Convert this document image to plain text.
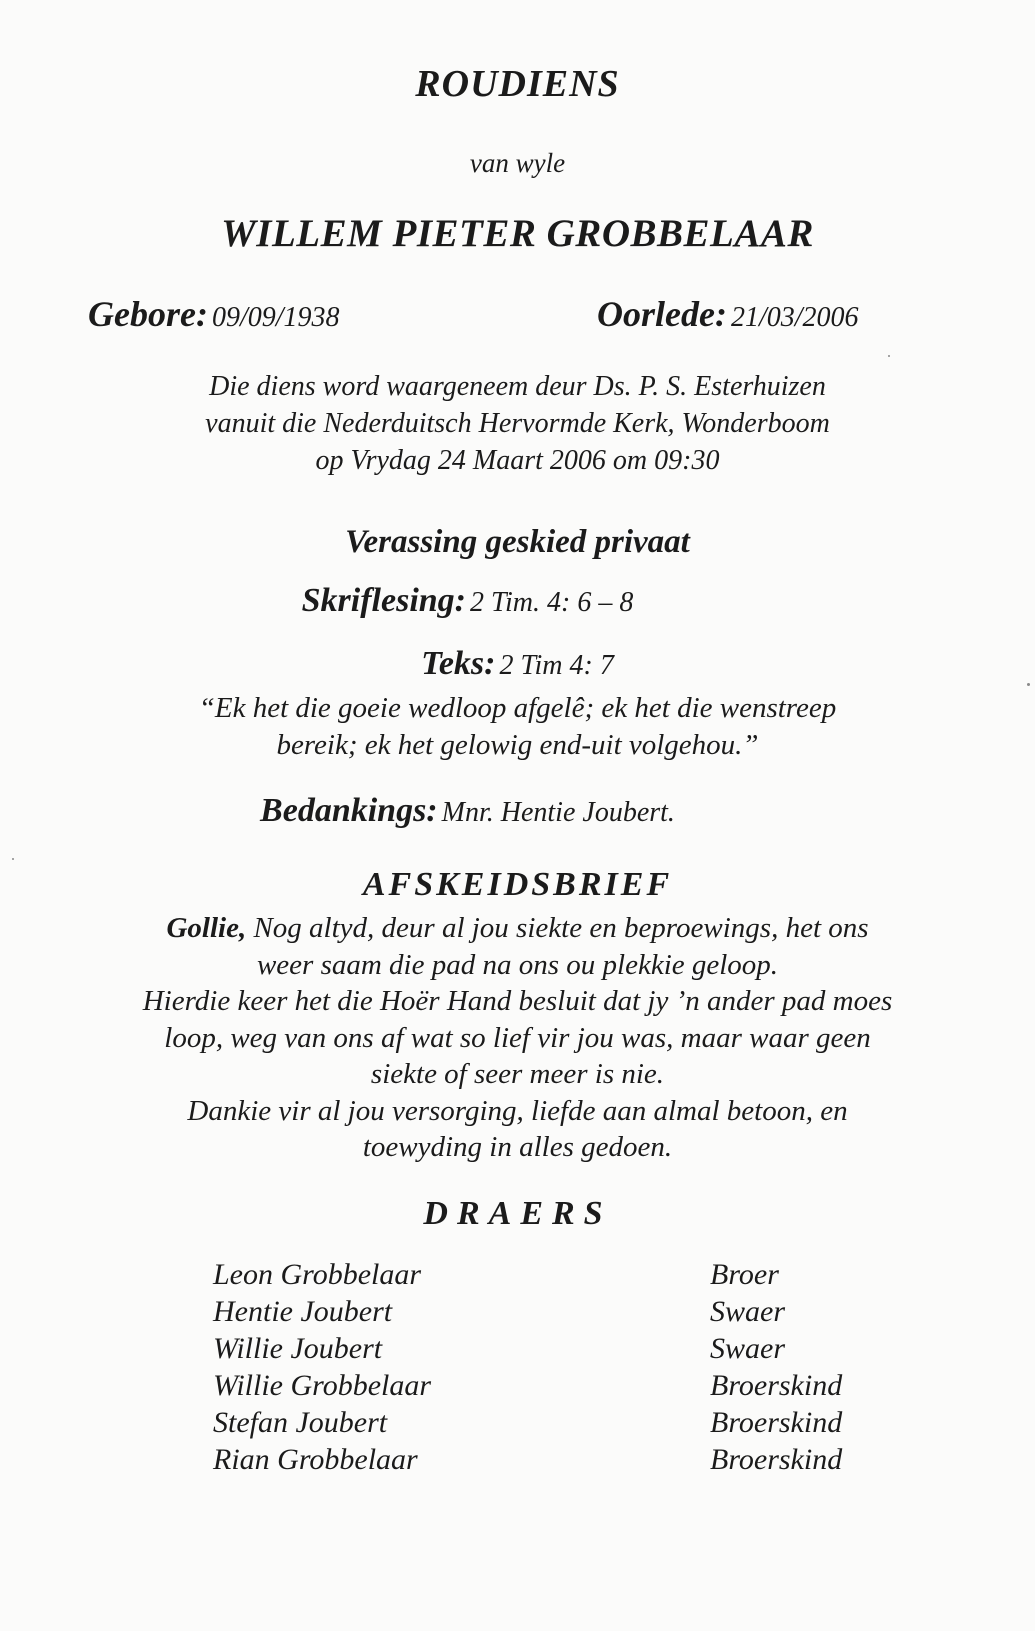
ROUDIENS
van wyle
WILLEM PIETER GROBBELAAR
Gebore: 09/09/1938	Oorlede: 21/03/2006
Die diens word waargeneem deur Ds. P. S. Esterhuizen
vanuit die Nederduitsch Hervormde Kerk, Wonderboom
op Vrydag 24 Maart 2006 om 09:30
Verassing geskied privaat
Skriflesing: 2 Tim. 4: 6 – 8
Teks: 2 Tim 4: 7
“Ek het die goeie wedloop afgelê; ek het die wenstreep
bereik; ek het gelowig end-uit volgehou.”
Bedankings: Mnr. Hentie Joubert.
AFSKEIDSBRIEF
Gollie, Nog altyd, deur al jou siekte en beproewings, het ons
weer saam die pad na ons ou plekkie geloop.
Hierdie keer het die Hoër Hand besluit dat jy ’n ander pad moes
loop, weg van ons af wat so lief vir jou was, maar waar geen
siekte of seer meer is nie.
Dankie vir al jou versorging, liefde aan almal betoon, en
toewyding in alles gedoen.
DRAERS
Leon Grobbelaar	Broer
Hentie Joubert	Swaer
Willie Joubert	Swaer
Willie Grobbelaar	Broerskind
Stefan Joubert	Broerskind
Rian Grobbelaar	Broerskind
